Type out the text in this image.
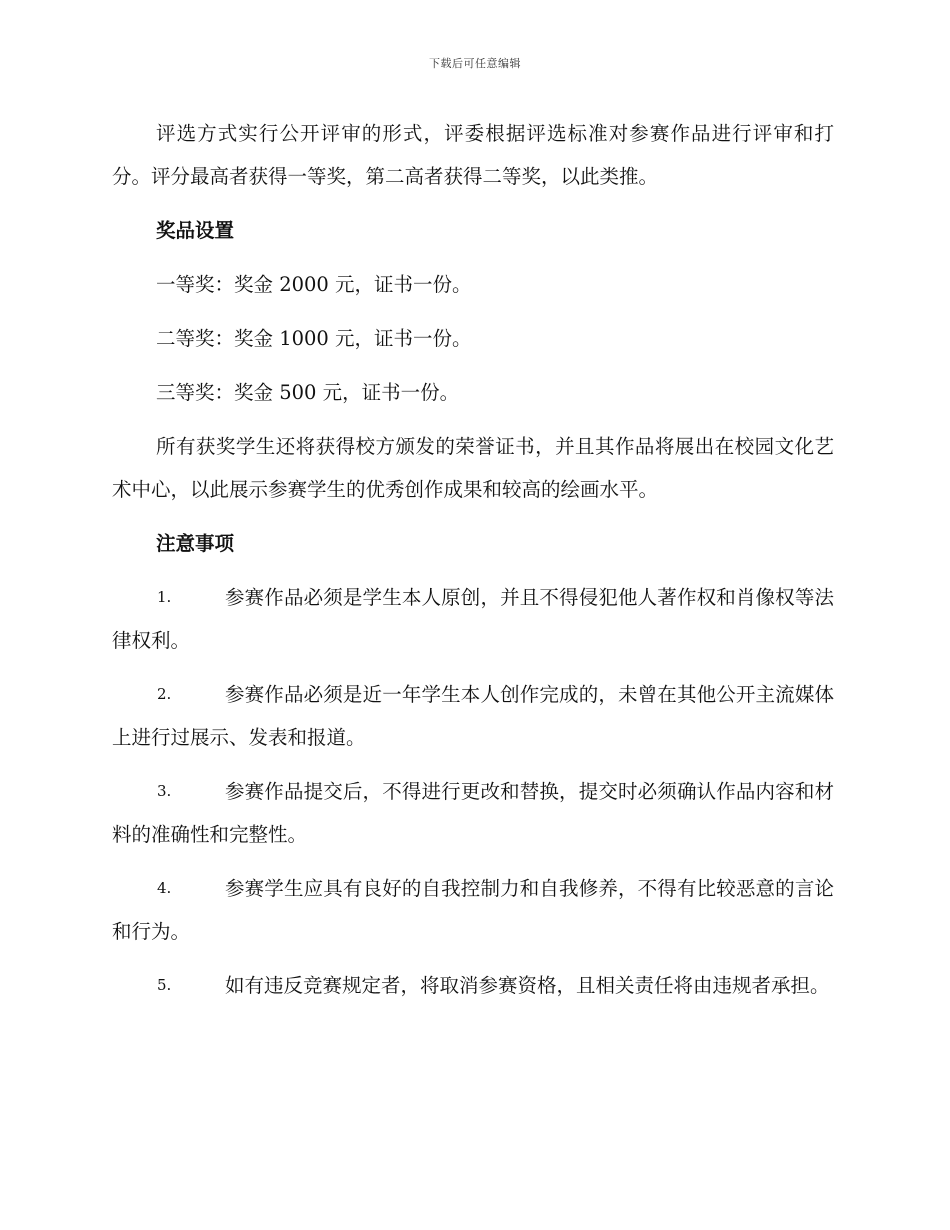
下载后可任意编辑

评选方式实行公开评审的形式，评委根据评选标准对参赛作品进行评审和打分。评分最高者获得一等奖，第二高者获得二等奖，以此类推。

奖品设置

一等奖：奖金 2000 元，证书一份。

二等奖：奖金 1000 元，证书一份。

三等奖：奖金 500 元，证书一份。

所有获奖学生还将获得校方颁发的荣誉证书，并且其作品将展出在校园文化艺术中心，以此展示参赛学生的优秀创作成果和较高的绘画水平。

注意事项

1.	参赛作品必须是学生本人原创，并且不得侵犯他人著作权和肖像权等法律权利。
2.	参赛作品必须是近一年学生本人创作完成的，未曾在其他公开主流媒体上进行过展示、发表和报道。
3.	参赛作品提交后，不得进行更改和替换，提交时必须确认作品内容和材料的准确性和完整性。
4.	参赛学生应具有良好的自我控制力和自我修养，不得有比较恶意的言论和行为。
5.	如有违反竞赛规定者，将取消参赛资格，且相关责任将由违规者承担。
